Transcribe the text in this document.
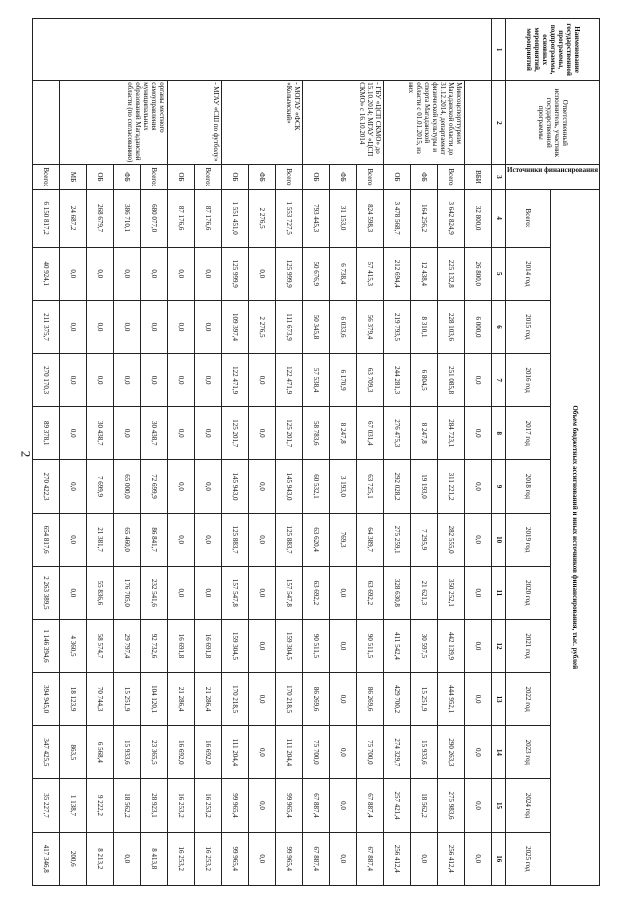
2
Наименование государственной программы, подпрограммы, основных мероприятий, мероприятий	Ответственный исполнитель, участник государственной программы	Источники финансирования	Объем бюджетных ассигнований и иных источников финансирования, тыс. рублей												
			Всего:	2014 год	2015 год	2016 год	2017 год	2018 год	2019 год	2020 год	2021 год	2022 год	2023 год	2024 год	2025 год
1	2	3	4	5	6	7	8	9	10	11	12	13	14	15	16
		ВБИ	32 800,0	26 800,0	6 000,0	0,0	0,0	0,0	0,0	0,0	0,0	0,0	0,0	0,0	0,0
	Минсоцспорттуризм Магаданской области до 31.12.2014, департамент физической культуры и спорта Магаданской области с 01.01.2015, из них	Всего	3 642 824,9	225 132,8	228 103,6	251 085,8	284 723,1	311 221,2	282 555,0	350 252,1	442 139,9	444 952,1	290 263,3	275 983,6	256 412,4
		ФБ	164 256,2	12 438,4	8 310,1	6 804,5	8 247,8	19 193,0	7 295,9	21 621,3	30 597,5	15 251,9	15 933,6	18 562,2	0,0
		ОБ	3 478 568,7	212 694,4	219 793,5	244 281,3	276 475,3	292 028,2	275 259,1	328 630,8	411 542,4	429 700,2	274 329,7	257 421,4	256 412,4
	- ГБУ «ЦСП СКМО» до 15.10.2014; МГАУ «ЦСП СКМО» с 16.10.2014	Всего	824 598,3	57 415,3	56 379,4	63 709,3	67 031,4	63 725,1	64 389,7	63 692,2	90 511,5	86 269,6	75 700,0	67 887,4	67 887,4
		ФБ	31 153,0	6 738,4	6 033,6	6 170,9	8 247,8	3 193,0	769,3	0,0	0,0	0,0	0,0	0,0	0,0
		ОБ	793 445,3	50 676,9	50 345,8	57 538,4	58 783,6	60 532,1	63 620,4	63 692,2	90 511,5	86 269,6	75 700,0	67 887,4	67 887,4
	- МОГАУ «ФСК «Колымский»	Всего	1 553 727,5	125 999,9	111 673,9	122 471,9	125 201,7	145 943,0	125 883,7	157 547,8	159 304,5	170 218,5	111 204,4	99 965,4	99 965,4
		ФБ	2 276,5	0,0	2 276,5	0,0	0,0	0,0	0,0	0,0	0,0	0,0	0,0	0,0	0,0
		ОБ	1 551 451,0	125 999,9	109 397,4	122 471,9	125 201,7	145 943,0	125 883,7	157 547,8	159 304,5	170 218,5	111 204,4	99 965,4	99 965,4
	- МГАУ «СШ по футболу»	Всего:	87 176,6	0,0	0,0	0,0	0,0	0,0	0,0	0,0	16 691,8	21 286,4	16 692,0	16 253,2	16 253,2
		ОБ	87 176,6	0,0	0,0	0,0	0,0	0,0	0,0	0,0	16 691,8	21 286,4	16 692,0	16 253,2	16 253,2
	органы местного самоуправления муниципальных образований Магаданской области (по согласованию)	Всего:	680 077,0	0,0	0,0	0,0	30 438,7	72 699,9	86 841,7	232 541,6	92 732,6	104 120,1	23 365,5	28 923,1	8 413,8
		ФБ	386 710,1	0,0	0,0	0,0	0,0	65 000,0	65 460,0	176 705,0	29 797,4	15 251,9	15 933,6	18 562,2	0,0
		ОБ	268 679,7	0,0	0,0	0,0	30 438,7	7 699,9	21 381,7	55 836,6	58 574,7	70 744,3	6 568,4	9 222,2	8 213,2
		МБ	24 687,2	0,0	0,0	0,0	0,0	0,0	0,0	0,0	4 360,5	18 123,9	863,5	1 138,7	200,6
		Всего:	6 150 817,2	40 924,1	211 375,7	270 170,3	89 378,1	270 422,3	654 817,6	2 263 389,5	1 146 394,6	394 945,0	347 425,5	35 227,7	417 346,8
